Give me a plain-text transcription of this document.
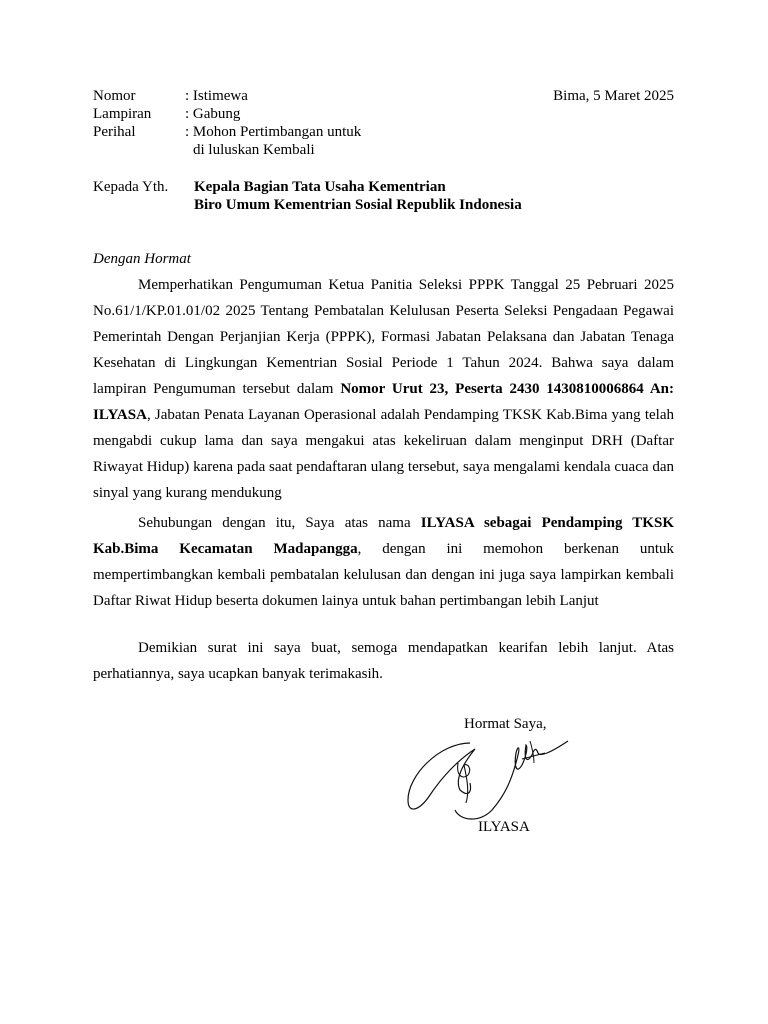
Nomor	: Istimewa
Lampiran	: Gabung
Perihal	: Mohon Pertimbangan untuk
di luluskan Kembali
Bima, 5 Maret 2025
Kepada Yth. Kepala Bagian Tata Usaha Kementrian
Biro Umum Kementrian Sosial Republik Indonesia
Dengan Hormat

Memperhatikan Pengumuman Ketua Panitia Seleksi PPPK Tanggal 25 Pebruari 2025 No.61/1/KP.01.01/02 2025 Tentang Pembatalan Kelulusan Peserta Seleksi Pengadaan Pegawai Pemerintah Dengan Perjanjian Kerja (PPPK), Formasi Jabatan Pelaksana dan Jabatan Tenaga Kesehatan di Lingkungan Kementrian Sosial Periode 1 Tahun 2024. Bahwa saya dalam lampiran Pengumuman tersebut dalam Nomor Urut 23, Peserta 2430 1430810006864 An: ILYASA, Jabatan Penata Layanan Operasional adalah Pendamping TKSK Kab.Bima yang telah mengabdi cukup lama dan saya mengakui atas kekeliruan dalam menginput DRH (Daftar Riwayat Hidup) karena pada saat pendaftaran ulang tersebut, saya mengalami kendala cuaca dan sinyal yang kurang mendukung

Sehubungan dengan itu, Saya atas nama ILYASA sebagai Pendamping TKSK Kab.Bima Kecamatan Madapangga, dengan ini memohon berkenan untuk mempertimbangkan kembali pembatalan kelulusan dan dengan ini juga saya lampirkan kembali Daftar Riwat Hidup beserta dokumen lainya untuk bahan pertimbangan lebih Lanjut

Demikian surat ini saya buat, semoga mendapatkan kearifan lebih lanjut. Atas perhatiannya, saya ucapkan banyak terimakasih.

Hormat Saya,
ILYASA
